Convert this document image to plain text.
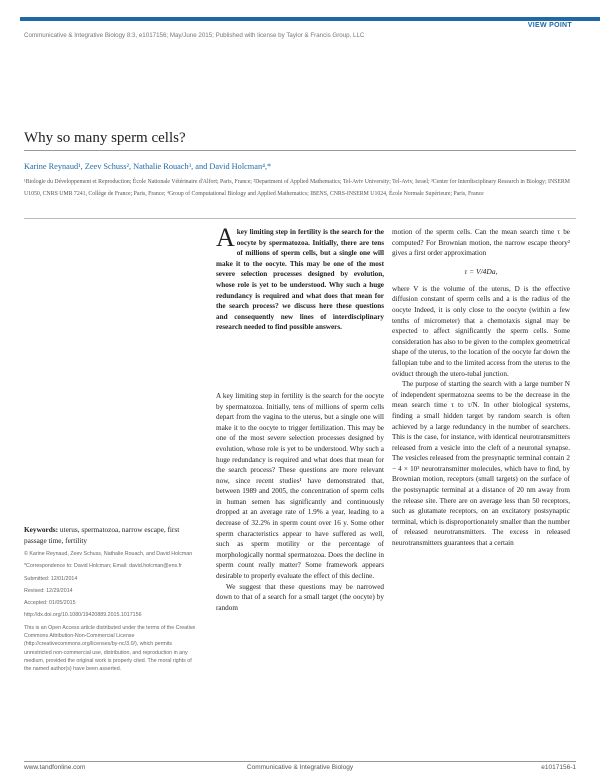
VIEW POINT
Communicative & Integrative Biology 8:3, e1017156; May/June 2015; Published with license by Taylor & Francis Group, LLC
Why so many sperm cells?
Karine Reynaud¹, Zeev Schuss², Nathalie Rouach³, and David Holcman⁴,*
¹Biologie du Développement et Reproduction; École Nationale Vétérinaire d'Alfort; Paris, France; ²Department of Applied Mathematics; Tel-Aviv University; Tel-Aviv, Israel; ³Center for Interdisciplinary Research in Biology; INSERM U1050, CNRS UMR 7241, Collège de France; Paris, France; ⁴Group of Computational Biology and Applied Mathematics; IBENS, CNRS-INSERM U1024, École Normale Supérieure; Paris, France

Keywords: uterus, spermatozoa, narrow escape, first passage time, fertility

© Karine Reynaud, Zeev Schuss, Nathalie Rouach, and David Holcman

*Correspondence to: David Holcman; Email: david.holcman@ens.fr

Submitted: 12/01/2014

Revised: 12/29/2014

Accepted: 01/05/2015

http://dx.doi.org/10.1080/19420889.2015.1017156

This is an Open Access article distributed under the terms of the Creative Commons Attribution-Non-Commercial License (http://creativecommons.org/licenses/by-nc/3.0/), which permits unrestricted non-commercial use, distribution, and reproduction in any medium, provided the original work is properly cited. The moral rights of the named author(s) have been asserted.

Akey limiting step in fertility is the search for the oocyte by spermatozoa. Initially, there are tens of millions of sperm cells, but a single one will make it to the oocyte. This may be one of the most severe selection processes designed by evolution, whose role is yet to be understood. Why such a huge redundancy is required and what does that mean for the search process? we discuss here these questions and consequently new lines of interdisciplinary research needed to find possible answers.

A key limiting step in fertility is the search for the oocyte by spermatozoa. Initially, tens of millions of sperm cells depart from the vagina to the uterus, but a single one will make it to the oocyte to trigger fertilization. This may be one of the most severe selection processes designed by evolution, whose role is yet to be understood. Why such a huge redundancy is required and what does that mean for the search process? These questions are more relevant now, since recent studies¹ have demonstrated that, between 1989 and 2005, the concentration of sperm cells in human semen has significantly and continuously dropped at an average rate of 1.9% a year, leading to a decrease of 32.2% in sperm count over 16 y. Some other sperm characteristics appear to have suffered as well, such as sperm motility or the percentage of morphologically normal spermatozoa. Does the decline in sperm count really matter? Some framework appears desirable to properly evaluate the effect of this decline.

We suggest that these questions may be narrowed down to that of a search for a small target (the oocyte) by random

motion of the sperm cells. Can the mean search time τ be computed? For Brownian motion, the narrow escape theory² gives a first order approximation

τ = V/4Da,

where V is the volume of the uterus, D is the effective diffusion constant of sperm cells and a is the radius of the oocyte Indeed, it is only close to the oocyte (within a few tenths of micrometer) that a chemotaxis signal may be expected to affect significantly the sperm cells. Some consideration has also to be given to the complex geometrical shape of the uterus, to the location of the oocyte far down the fallopian tube and to the limited access from the uterus to the oviduct through the utero-tubal junction.

The purpose of starting the search with a large number N of independent spermatozoa seems to be the decrease in the mean search time τ to τ/N. In other biological systems, finding a small hidden target by random search is often achieved by a large redundancy in the number of searchers. This is the case, for instance, with identical neurotransmitters released from a vesicle into the cleft of a neuronal synapse. The vesicles released from the presynaptic terminal contain 2 − 4 × 10³ neurotransmitter molecules, which have to find, by Brownian motion, receptors (small targets) on the surface of the postsynaptic terminal at a distance of 20 nm away from the release site. There are on average less than 50 receptors, such as glutamate receptors, on an excitatory postsynaptic terminal, which is disproportionately smaller than the number of released neurotransmitters. The excess in released neurotransmitters guarantees that a certain

www.tandfonline.com	Communicative & Integrative Biology	e1017156-1
